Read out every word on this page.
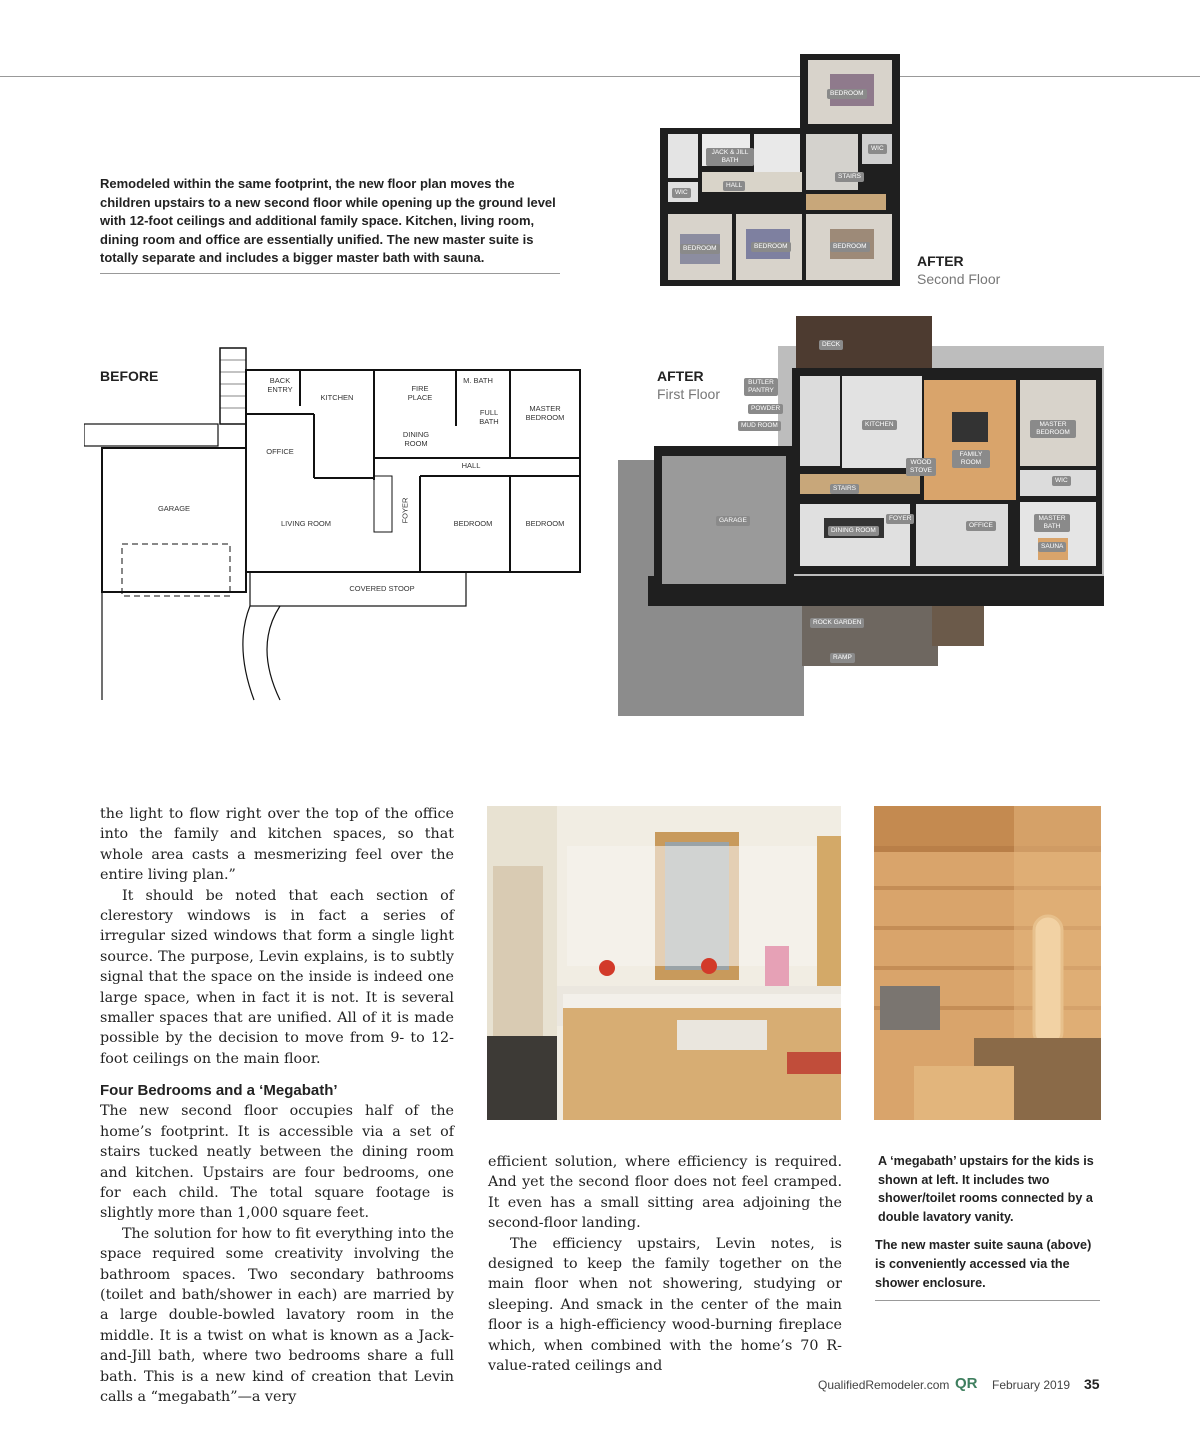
Remodeled within the same footprint, the new floor plan moves the children upstairs to a new second floor while opening up the ground level with 12-foot ceilings and additional family space. Kitchen, living room, dining room and office are essentially unified. The new master suite is totally separate and includes a bigger master bath with sauna.

BEDROOM
JACK & JILL BATH
WIC
HALL
STAIRS
WIC
BEDROOM	BEDROOM	BEDROOM
AFTER
Second Floor
BEFORE	BACK ENTRY
KITCHEN
FIRE PLACE
M. BATH
FULL BATH
MASTER BEDROOM
DINING ROOM
OFFICE
HALL
GARAGE
LIVING ROOM
FOYER
BEDROOM	BEDROOM
COVERED STOOP
AFTER
First Floor
DECK
BUTLER PANTRY
POWDER
MUD ROOM	KITCHEN	MASTER BEDROOM
WOOD STOVE
FAMILY ROOM
WIC
STAIRS
GARAGE	FOYER
DINING ROOM
OFFICE
MASTER BATH
SAUNA
ROCK GARDEN
RAMP

the light to flow right over the top of the office into the family and kitchen spaces, so that whole area casts a mesmerizing feel over the entire living plan.”

It should be noted that each section of clerestory windows is in fact a series of irregular sized windows that form a single light source. The purpose, Levin explains, is to subtly signal that the space on the inside is indeed one large space, when in fact it is not. It is several smaller spaces that are unified. All of it is made possible by the decision to move from 9- to 12-foot ceilings on the main floor.

Four Bedrooms and a ‘Megabath’

The new second floor occupies half of the home’s footprint. It is accessible via a set of stairs tucked neatly between the dining room and kitchen. Upstairs are four bedrooms, one for each child. The total square footage is slightly more than 1,000 square feet.

The solution for how to fit everything into the space required some creativity involving the bathroom spaces. Two secondary bathrooms (toilet and bath/shower in each) are married by a large double-bowled lavatory room in the middle. It is a twist on what is known as a Jack-and-Jill bath, where two bedrooms share a full bath. This is a new kind of creation that Levin calls a “megabath”—a very

efficient solution, where efficiency is required. And yet the second floor does not feel cramped. It even has a small sitting area adjoining the second-floor landing.

The efficiency upstairs, Levin notes, is designed to keep the family together on the main floor when not showering, studying or sleeping. And smack in the center of the main floor is a high-efficiency wood-burning fireplace which, when combined with the home’s 70 R-value-rated ceilings and

A ‘megabath’ upstairs for the kids is shown at left. It includes two shower/toilet rooms connected by a double lavatory vanity.

The new master suite sauna (above) is conveniently accessed via the shower enclosure.

QualifiedRemodeler.com QR February 2019 35
